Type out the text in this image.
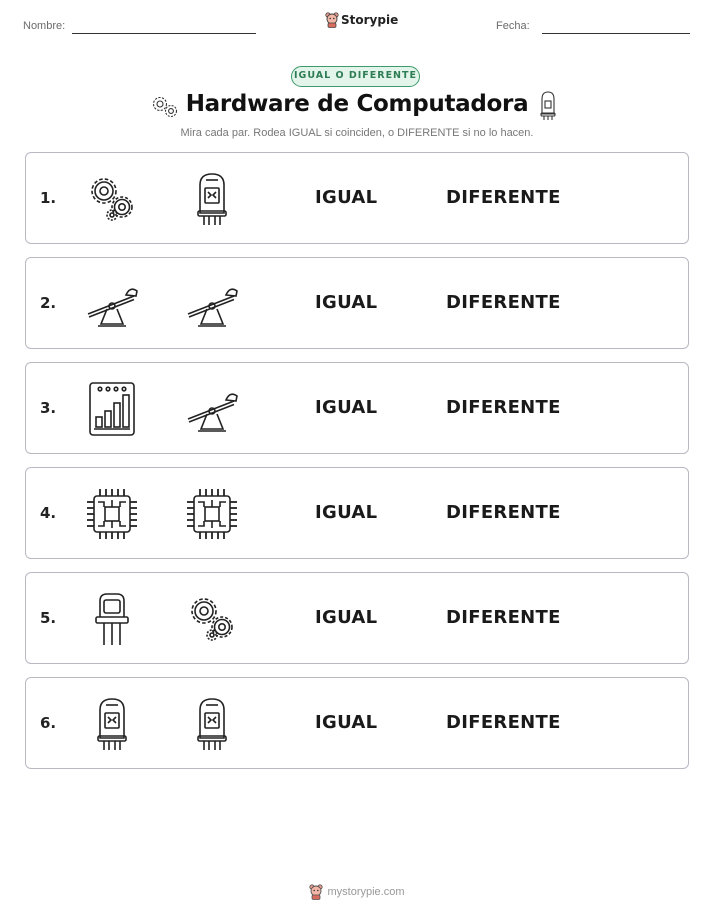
Nombre:	Storypie	Fecha:
IGUAL O DIFERENTE
Hardware de Computadora
Mira cada par. Rodea IGUAL si coinciden, o DIFERENTE si no lo hacen.
1.	IGUAL	DIFERENTE
2.	IGUAL	DIFERENTE
3.	IGUAL	DIFERENTE
4.	IGUAL	DIFERENTE
5.	IGUAL	DIFERENTE
6.	IGUAL	DIFERENTE
mystorypie.com
